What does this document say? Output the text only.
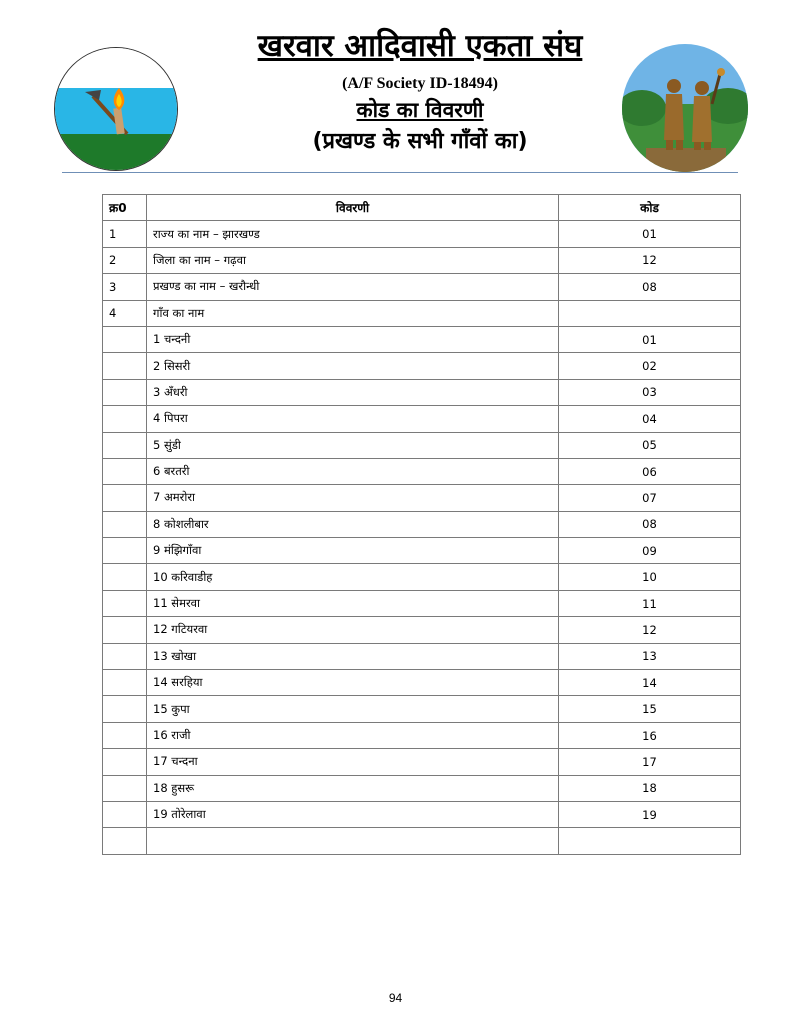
खरवार आदिवासी एकता संघ
(A/F Society ID-18494)
कोड का विवरणी
(प्रखण्ड के सभी गाँवों का)
क्र0	विवरणी	कोड
1	राज्य का नाम – झारखण्ड	01
2	जिला का नाम – गढ़वा	12
3	प्रखण्ड का नाम – खरौन्धी	08
4	गाँव का नाम	
	1 चन्दनी	01
	2 सिसरी	02
	3 अँधरी	03
	4 पिपरा	04
	5 सुंडी	05
	6 बरतरी	06
	7 अमरोरा	07
	8 कोशलीबार	08
	9 मंझिगाँवा	09
	10 करिवाडीह	10
	11 सेमरवा	11
	12 गटियरवा	12
	13 खोखा	13
	14 सरहिया	14
	15 कुपा	15
	16 राजी	16
	17 चन्दना	17
	18 हुसरू	18
	19 तोरेलावा	19

94
